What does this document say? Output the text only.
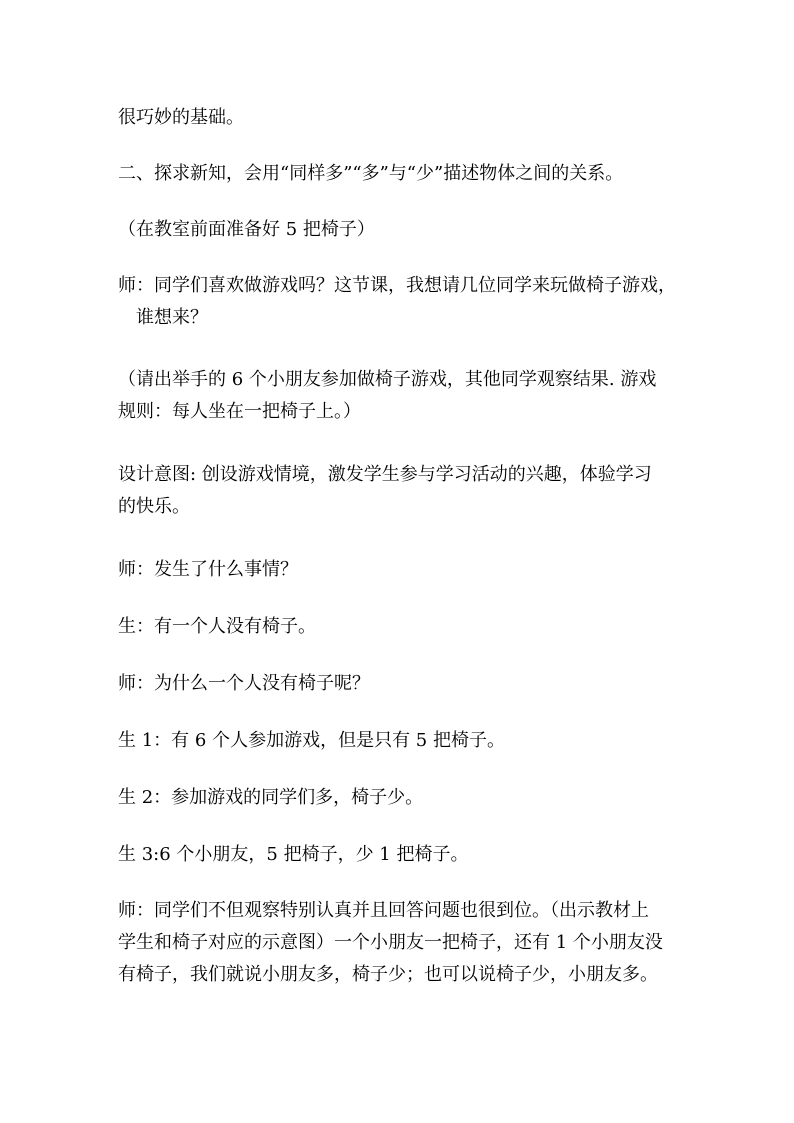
很巧妙的基础。

二、探求新知，会用“同样多”“多”与“少”描述物体之间的关系。

（在教室前面准备好 5 把椅子）

师：同学们喜欢做游戏吗？这节课，我想请几位同学来玩做椅子游戏，
谁想来？

（请出举手的 6 个小朋友参加做椅子游戏，其他同学观察结果. 游戏
规则：每人坐在一把椅子上。）

设计意图: 创设游戏情境，激发学生参与学习活动的兴趣，体验学习
的快乐。

师：发生了什么事情？

生：有一个人没有椅子。

师：为什么一个人没有椅子呢？

生 1：有 6 个人参加游戏，但是只有 5 把椅子。

生 2：参加游戏的同学们多，椅子少。

生 3:6 个小朋友，5 把椅子，少 1 把椅子。

师：同学们不但观察特别认真并且回答问题也很到位。（出示教材上
学生和椅子对应的示意图）一个小朋友一把椅子，还有 1 个小朋友没
有椅子，我们就说小朋友多，椅子少；也可以说椅子少，小朋友多。
